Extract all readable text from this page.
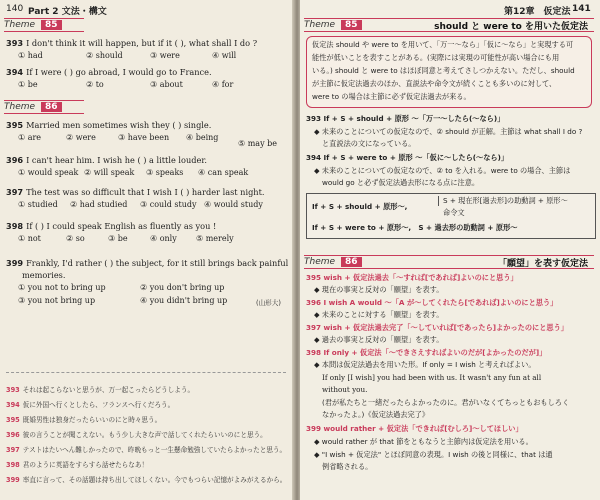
140 Part 2 文法・構文
Theme	85
393 I don't think it will happen, but if it ( ), what shall I do ?
① had	② should	③ were	④ will
394 If I were ( ) go abroad, I would go to France.
① be	② to	③ about	④ for
Theme	86
395 Married men sometimes wish they ( ) single.
① are	② were	③ have been ④ being
⑤ may be
396 I can't hear him. I wish he ( ) a little louder.
① would speak ② will speak ③ speaks ④ can speak
397 The test was so difficult that I wish I ( ) harder last night.
① studied ② had studied ③ could study ④ would study
398 If ( ) I could speak English as fluently as you !
① not	② so	③ be	④ only ⑤ merely
399 Frankly, I'd rather ( ) the subject, for it still brings back painful
memories.
① you not to bring up	② you don't bring up
③ you not bring up	④ you didn't bring up	(山形大)
393 それは起こらないと思うが、万一起こったらどうしよう。
394 仮に外国へ行くとしたら、フランスへ行くだろう。
395 既婚男性は独身だったらいいのにと時々思う。
396 彼の言うことが聞こえない。もう少し大きな声で話してくれたらいいのにと思う。
397 テストはたいへん難しかったので、昨晩もっと一生懸命勉強していたらよかったと思う。
398 君のように英語をすらすら話せたらなあ！
399 率直に言って、その話題は持ち出してほしくない。今でもつらい記憶がよみがえるから。
第12章　仮定法 141
Theme	85	should と were to を用いた仮定法
仮定法 should や were to を用いて、「万一～なら」「仮に～なら」と実現する可
能性が低いことを表すことがある。(実際には実現の可能性が高い場合にも用
いる。) should と were to はほぼ同意と考えてさしつかえない。ただし、should
が主節に仮定法過去のほか、直説法や命令文が続くことも多いのに対して、
were to の場合は主節に必ず仮定法過去が来る。
393 If + S + should + 原形 ～「万一～したら(～なら)」
◆ 未来のことについての仮定なので、② should が正解。主節は what shall I do ?
と直説法の文になっている。
394 If + S + were to + 原形 ～「仮に～したら(～なら)」
◆ 未来のことについての仮定なので、② to を入れる。were to の場合、主節は
would go と必ず仮定法過去形になる点に注意。
If + S + should + 原形～,
S + 現在形[過去形]の助動詞 + 原形～
命令文
If + S + were to + 原形～,　S + 過去形の助動詞 + 原形～
Theme	86	「願望」を表す仮定法
395 wish + 仮定法過去「～すれば[であれば]よいのにと思う」
◆ 現在の事実と反対の「願望」を表す。
396 I wish A would ～「A が～してくれたら[であれば]よいのにと思う」
◆ 未来のことに対する「願望」を表す。
397 wish + 仮定法過去完了「～していれば[であったら]よかったのにと思う」
◆ 過去の事実と反対の「願望」を表す。
398 If only + 仮定法「～できさえすればよいのだが[よかったのだが]」
◆ 本問は仮定法過去を用いた形。If only = I wish と考えればよい。
If only [I wish] you had been with us. It wasn't any fun at all
without you.
(君が私たちと一緒だったらよかったのに。君がいなくてちっともおもしろく
なかったよ。)《仮定法過去完了》
399 would rather + 仮定法「できれば[むしろ]～してほしい」
◆ would rather が that 節をともなうと主節内は仮定法を用いる。
◆ "I wish + 仮定法" とほぼ同意の表現。I wish の後と同様に、that は通
例省略される。
